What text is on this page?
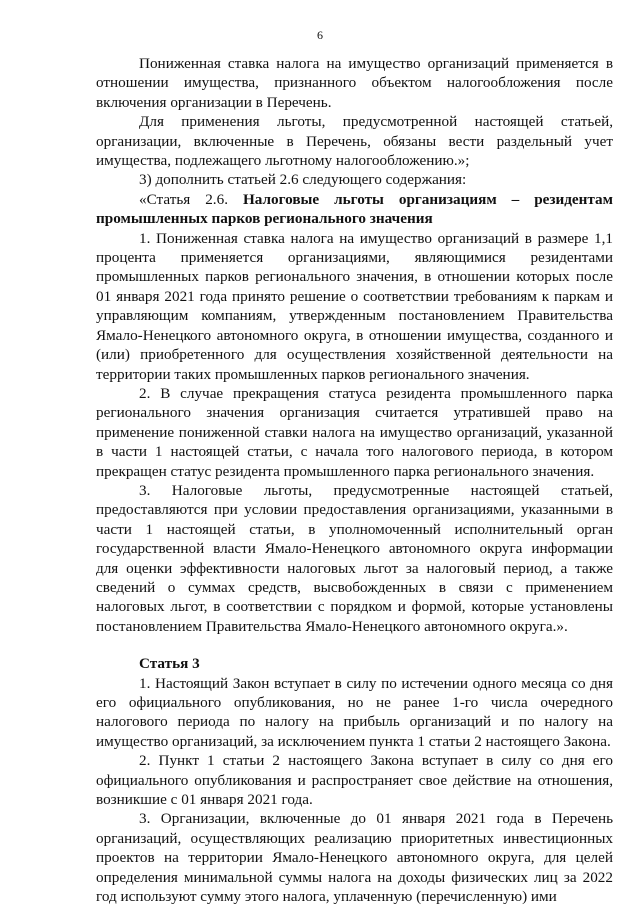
6

Пониженная ставка налога на имущество организаций применяется в отношении имущества, признанного объектом налогообложения после включения организации в Перечень.

Для применения льготы, предусмотренной настоящей статьей, организации, включенные в Перечень, обязаны вести раздельный учет имущества, подлежащего льготному налогообложению.»;

3) дополнить статьей 2.6 следующего содержания:

«Статья 2.6. Налоговые льготы организациям – резидентам промышленных парков регионального значения

1. Пониженная ставка налога на имущество организаций в размере 1,1 процента применяется организациями, являющимися резидентами промышленных парков регионального значения, в отношении которых после 01 января 2021 года принято решение о соответствии требованиям к паркам и управляющим компаниям, утвержденным постановлением Правительства Ямало-Ненецкого автономного округа, в отношении имущества, созданного и (или) приобретенного для осуществления хозяйственной деятельности на территории таких промышленных парков регионального значения.

2. В случае прекращения статуса резидента промышленного парка регионального значения организация считается утратившей право на применение пониженной ставки налога на имущество организаций, указанной в части 1 настоящей статьи, с начала того налогового периода, в котором прекращен статус резидента промышленного парка регионального значения.

3. Налоговые льготы, предусмотренные настоящей статьей, предоставляются при условии предоставления организациями, указанными в части 1 настоящей статьи, в уполномоченный исполнительный орган государственной власти Ямало-Ненецкого автономного округа информации для оценки эффективности налоговых льгот за налоговый период, а также сведений о суммах средств, высвобожденных в связи с применением налоговых льгот, в соответствии с порядком и формой, которые установлены постановлением Правительства Ямало-Ненецкого автономного округа.».

Статья 3

1. Настоящий Закон вступает в силу по истечении одного месяца со дня его официального опубликования, но не ранее 1-го числа очередного налогового периода по налогу на прибыль организаций и по налогу на имущество организаций, за исключением пункта 1 статьи 2 настоящего Закона.

2. Пункт 1 статьи 2 настоящего Закона вступает в силу со дня его официального опубликования и распространяет свое действие на отношения, возникшие с 01 января 2021 года.

3. Организации, включенные до 01 января 2021 года в Перечень организаций, осуществляющих реализацию приоритетных инвестиционных проектов на территории Ямало-Ненецкого автономного округа, для целей определения минимальной суммы налога на доходы физических лиц за 2022 год используют сумму этого налога, уплаченную (перечисленную) ими
